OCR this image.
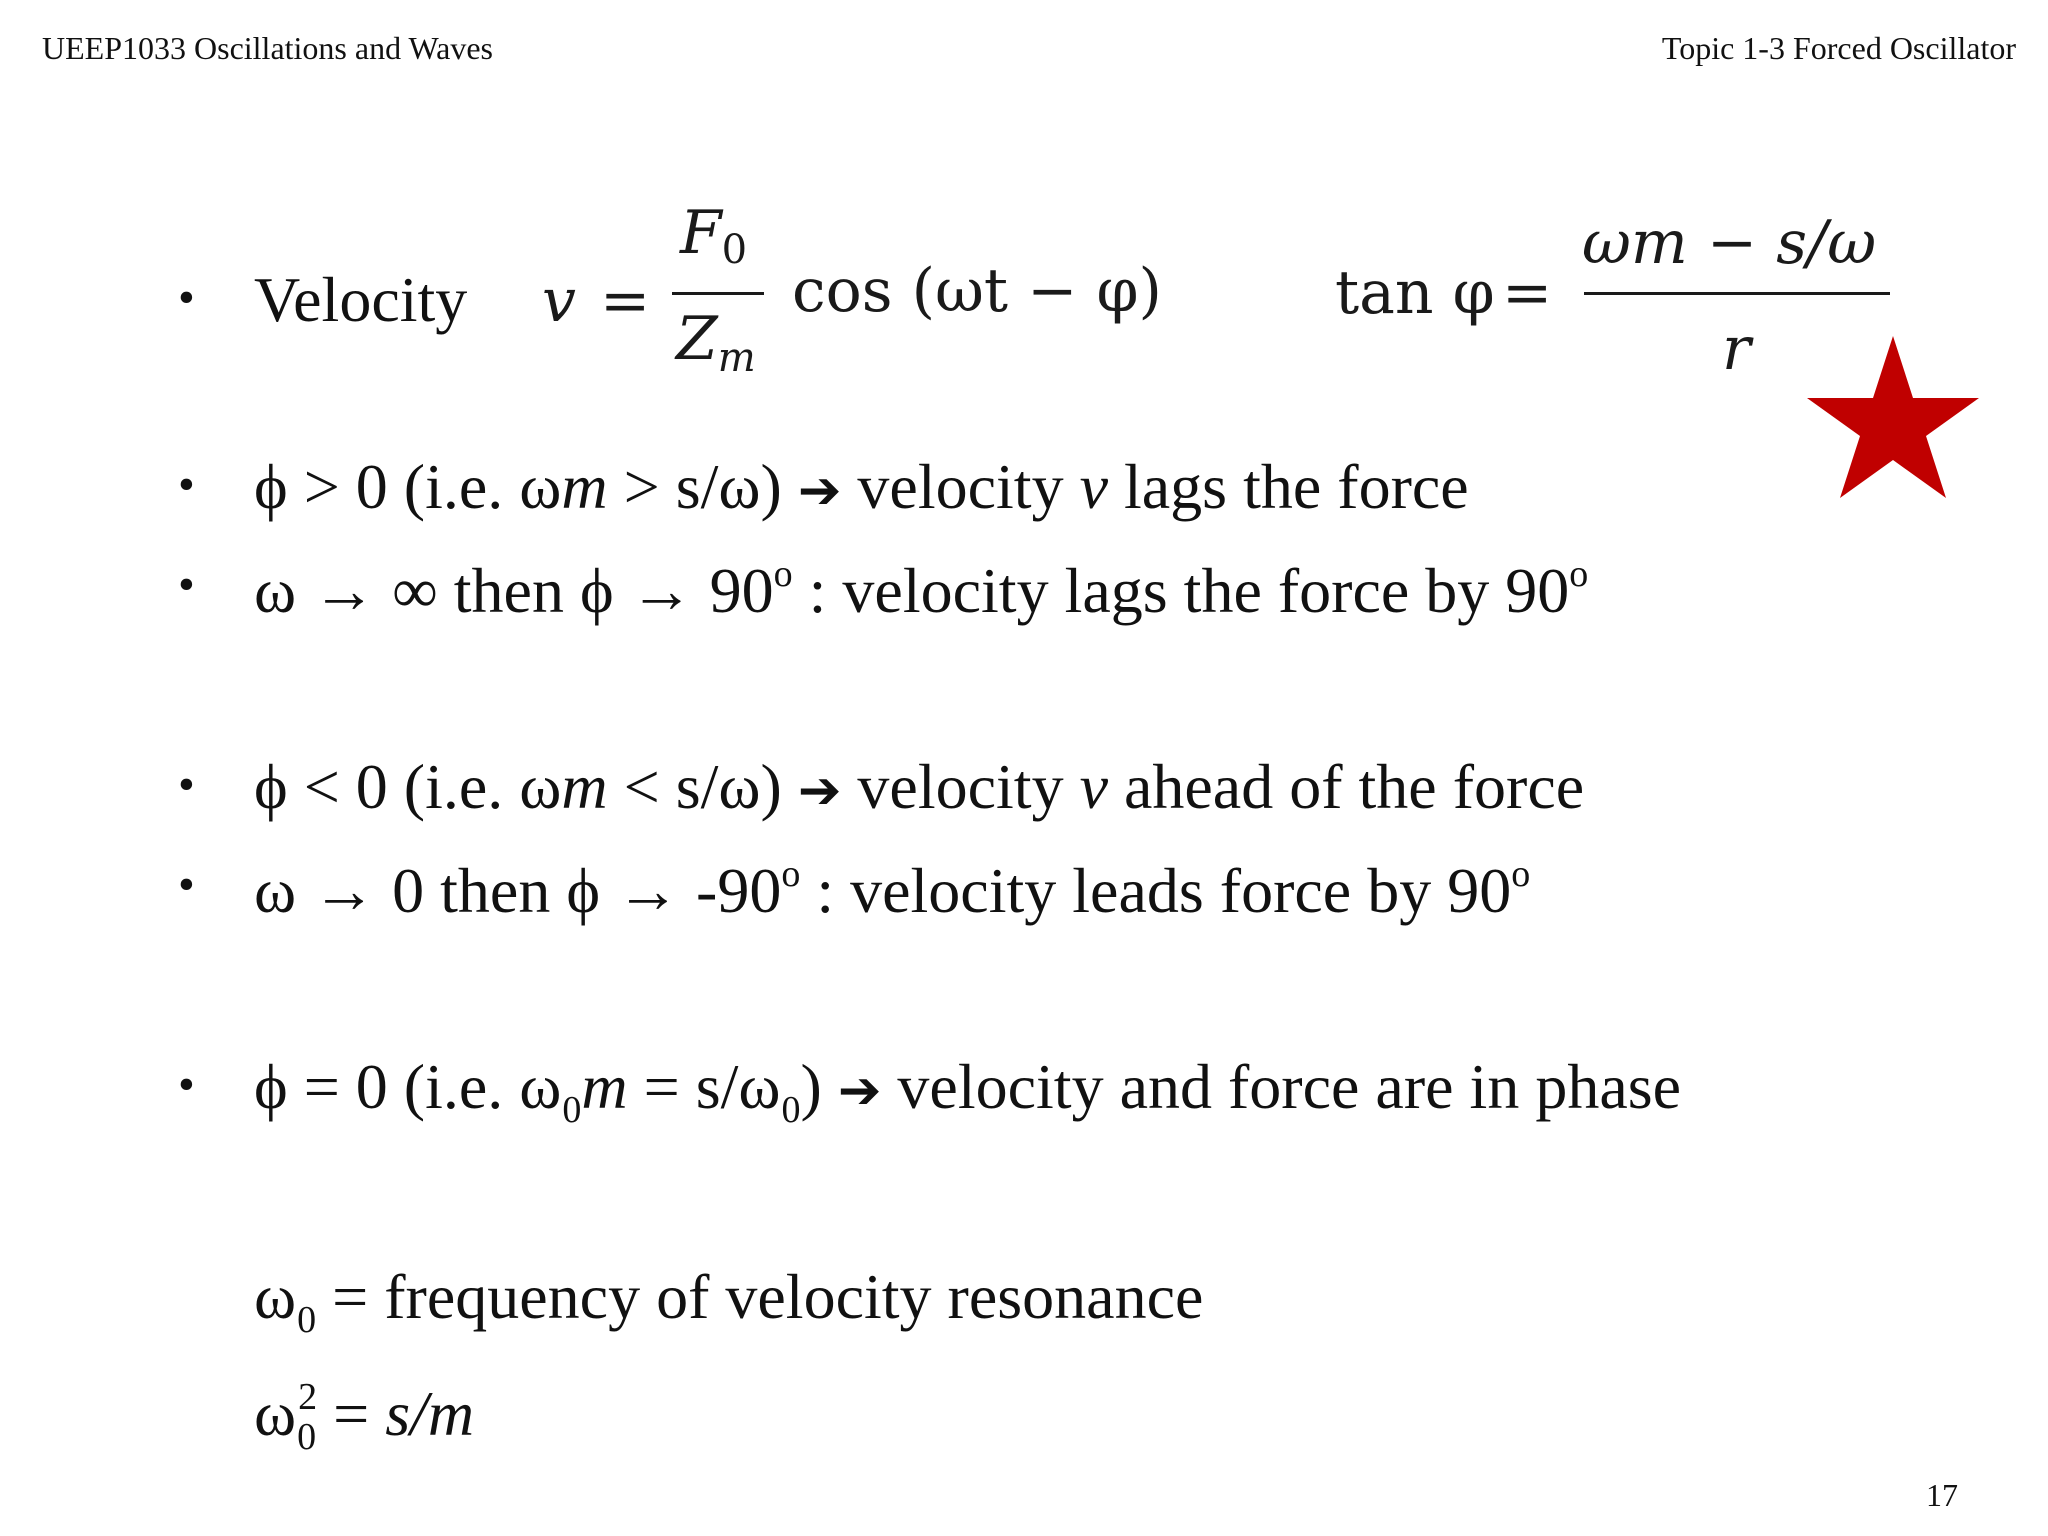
UEEP1033 Oscillations and Waves	Topic 1-3 Forced Oscillator
• Velocity v =
F0
$Z_m$
cos (ωt − φ)	tan φ =
ωm − s/ω
r
• ϕ > 0 (i.e. ωm > s/ω) ➔ velocity v lags the force
• ω → ∞ then $\phi \to 90^o$ : velocity lags the force by 90$^o$
• ϕ < 0 (i.e. ωm < s/ω) ➔ velocity v ahead of the force
• ω → 0 then $\phi \to -90^o$ : velocity leads force by 90$^o$
• ϕ = 0 (i.e. $\omega_0m = s/\omega_0$) ➔ velocity and force are in phase
$\omega_0$ = frequency of velocity resonance
$\omega_0^2 = s/m$
17
